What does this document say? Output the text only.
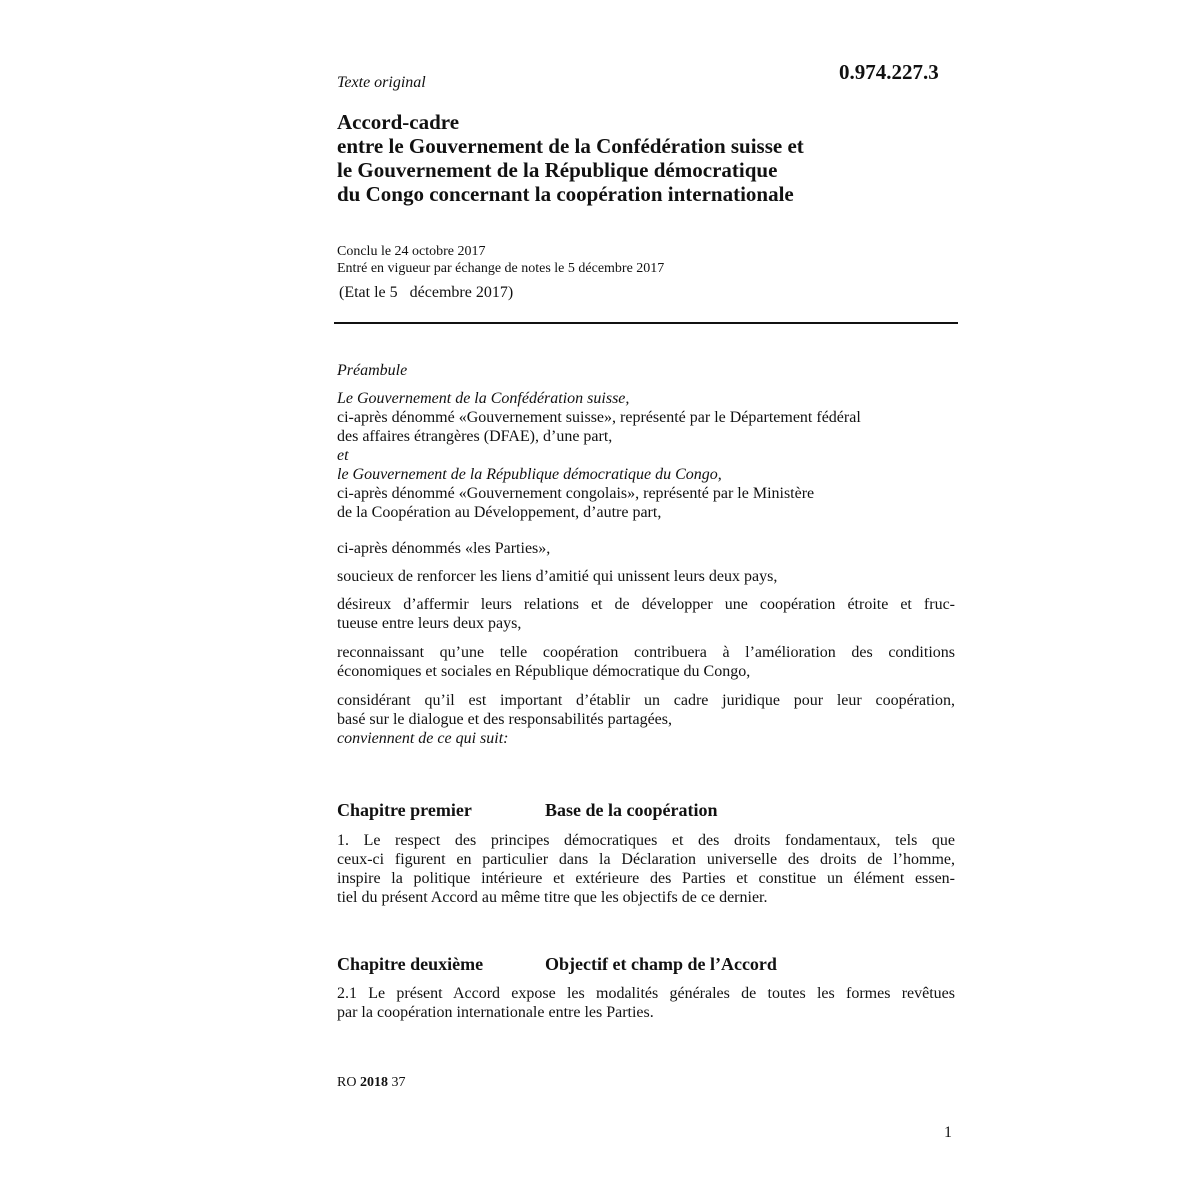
Texte original	0.974.227.3
Accord-cadre
entre le Gouvernement de la Confédération suisse et
le Gouvernement de la République démocratique
du Congo concernant la coopération internationale
Conclu le 24 octobre 2017
Entré en vigueur par échange de notes le 5 décembre 2017
(Etat le 5   décembre 2017)
Préambule
Le Gouvernement de la Confédération suisse,
ci-après dénommé «Gouvernement suisse», représenté par le Département fédéral
des affaires étrangères (DFAE), d’une part,
et
le Gouvernement de la République démocratique du Congo,
ci-après dénommé «Gouvernement congolais», représenté par le Ministère
de la Coopération au Développement, d’autre part,
ci-après dénommés «les Parties»,
soucieux de renforcer les liens d’amitié qui unissent leurs deux pays,
désireux d’affermir leurs relations et de développer une coopération étroite et fruc-
tueuse entre leurs deux pays,
reconnaissant qu’une telle coopération contribuera à l’amélioration des conditions
économiques et sociales en République démocratique du Congo,
considérant qu’il est important d’établir un cadre juridique pour leur coopération,
basé sur le dialogue et des responsabilités partagées,
conviennent de ce qui suit:
Chapitre premier	Base de la coopération
1. Le respect des principes démocratiques et des droits fondamentaux, tels que
ceux-ci figurent en particulier dans la Déclaration universelle des droits de l’homme,
inspire la politique intérieure et extérieure des Parties et constitue un élément essen-
tiel du présent Accord au même titre que les objectifs de ce dernier.
Chapitre deuxième	Objectif et champ de l’Accord
2.1 Le présent Accord expose les modalités générales de toutes les formes revêtues
par la coopération internationale entre les Parties.
RO 2018 37
1
